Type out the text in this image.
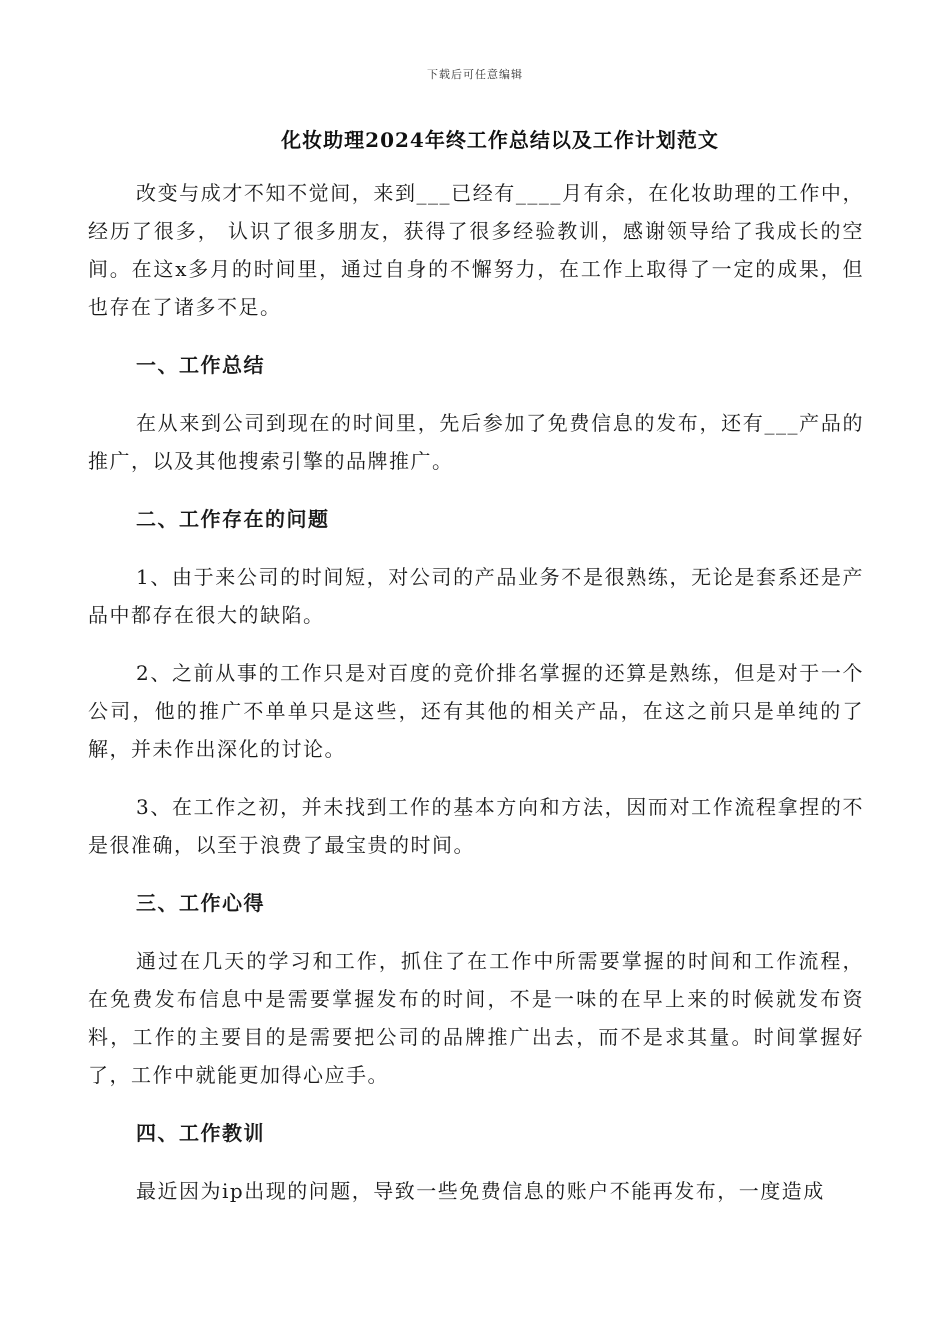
下载后可任意编辑
化妆助理2024年终工作总结以及工作计划范文

改变与成才不知不觉间，来到___已经有____月有余，在化妆助理的工作中，经历了很多， 认识了很多朋友，获得了很多经验教训，感谢领导给了我成长的空间。在这x多月的时间里，通过自身的不懈努力，在工作上取得了一定的成果，但也存在了诸多不足。

一、工作总结

在从来到公司到现在的时间里，先后参加了免费信息的发布，还有___产品的推广，以及其他搜索引擎的品牌推广。

二、工作存在的问题

1、由于来公司的时间短，对公司的产品业务不是很熟练，无论是套系还是产品中都存在很大的缺陷。

2、之前从事的工作只是对百度的竞价排名掌握的还算是熟练，但是对于一个公司，他的推广不单单只是这些，还有其他的相关产品，在这之前只是单纯的了解，并未作出深化的讨论。

3、在工作之初，并未找到工作的基本方向和方法，因而对工作流程拿捏的不是很准确，以至于浪费了最宝贵的时间。

三、工作心得

通过在几天的学习和工作，抓住了在工作中所需要掌握的时间和工作流程，在免费发布信息中是需要掌握发布的时间，不是一味的在早上来的时候就发布资料，工作的主要目的是需要把公司的品牌推广出去，而不是求其量。时间掌握好了，工作中就能更加得心应手。

四、工作教训

最近因为ip出现的问题，导致一些免费信息的账户不能再发布，一度造成
